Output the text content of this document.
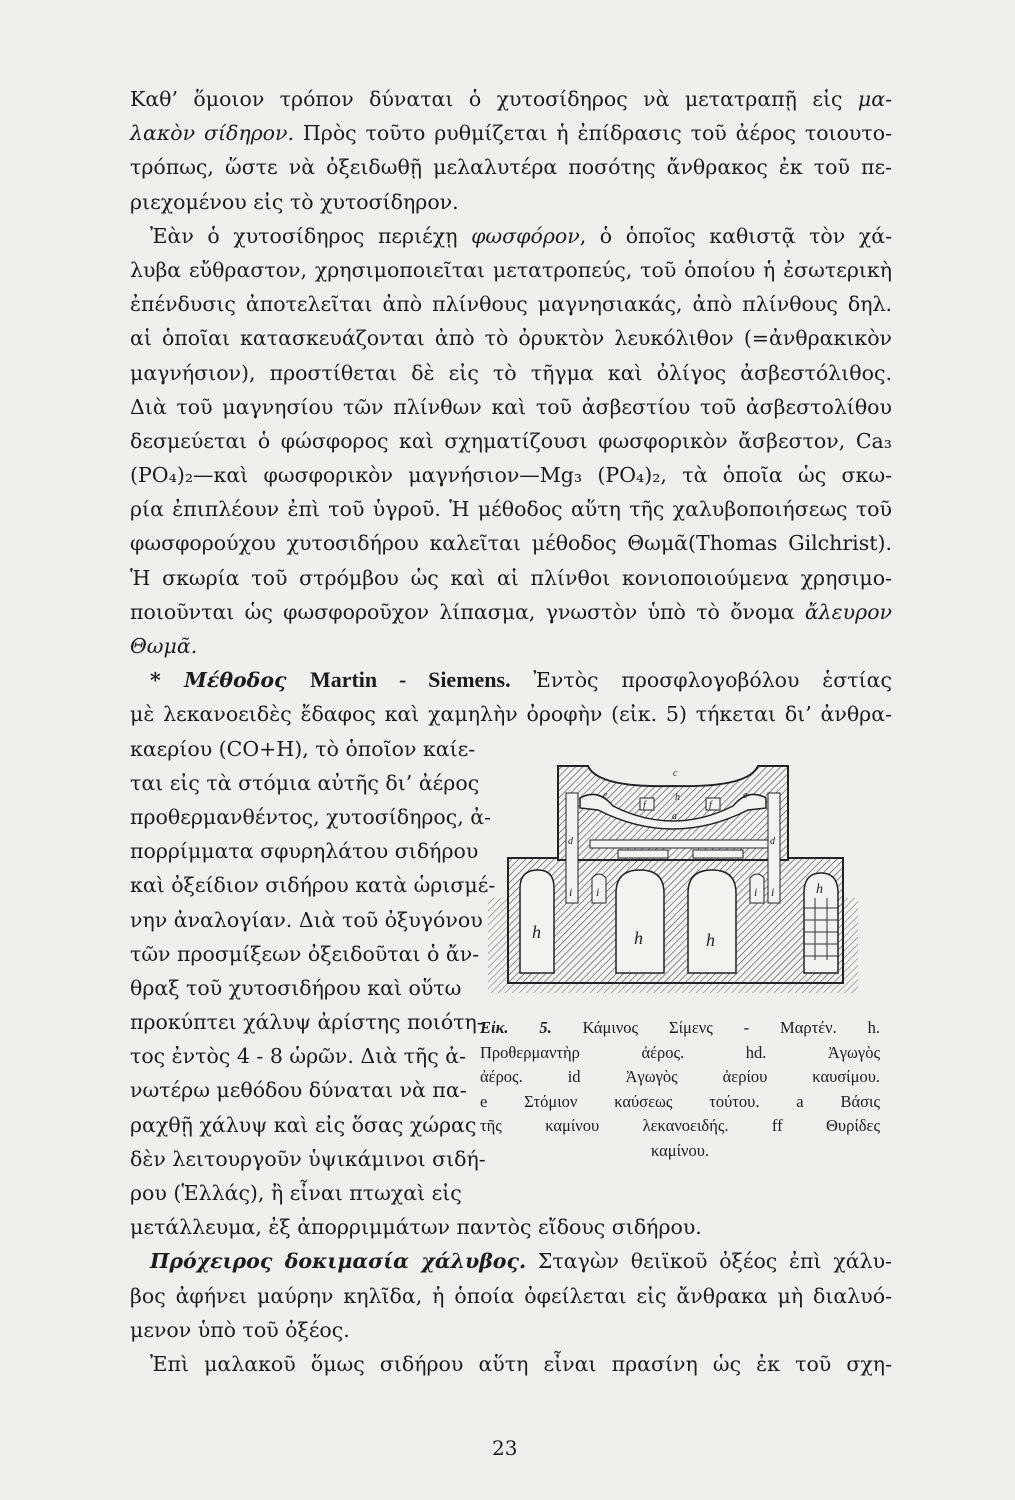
Καθ’ ὅμοιον τρόπον δύναται ὁ χυτοσίδηρος νὰ μετατραπῇ εἰς μα-
λακὸν σίδηρον. Πρὸς τοῦτο ρυθμίζεται ἡ ἐπίδρασις τοῦ ἀέρος τοιουτο-
τρόπως, ὥστε νὰ ὀξειδωθῇ μελαλυτέρα ποσότης ἄνθρακος ἐκ τοῦ πε-
ριεχομένου εἰς τὸ χυτοσίδηρον.
Ἐὰν ὁ χυτοσίδηρος περιέχῃ φωσφόρον, ὁ ὁποῖος καθιστᾷ τὸν χά-
λυβα εὔθραστον, χρησιμοποιεῖται μετατροπεύς, τοῦ ὁποίου ἡ ἐσωτερικὴ
ἐπένδυσις ἀποτελεῖται ἀπὸ πλίνθους μαγνησιακάς, ἀπὸ πλίνθους δηλ.
αἱ ὁποῖαι κατασκευάζονται ἀπὸ τὸ ὀρυκτὸν λευκόλιθον (=ἀνθρακικὸν
μαγνήσιον), προστίθεται δὲ εἰς τὸ τῆγμα καὶ ὀλίγος ἀσβεστόλιθος.
Διὰ τοῦ μαγνησίου τῶν πλίνθων καὶ τοῦ ἀσβεστίου τοῦ ἀσβεστολίθου
δεσμεύεται ὁ φώσφορος καὶ σχηματίζουσι φωσφορικὸν ἄσβεστον, Ca₃
(PO₄)₂—καὶ φωσφορικὸν μαγνήσιον—Mg₃ (PO₄)₂, τὰ ὁποῖα ὡς σκω-
ρία ἐπιπλέουν ἐπὶ τοῦ ὑγροῦ. Ἡ μέθοδος αὕτη τῆς χαλυβοποιήσεως τοῦ
φωσφορούχου χυτοσιδήρου καλεῖται μέθοδος Θωμᾶ(Thomas Gilchrist).
Ἡ σκωρία τοῦ στρόμβου ὡς καὶ αἱ πλίνθοι κονιοποιούμενα χρησιμο-
ποιοῦνται ὡς φωσφοροῦχον λίπασμα, γνωστὸν ὑπὸ τὸ ὄνομα ἄλευρον
Θωμᾶ.
* Μέθοδος Martin - Siemens. Ἐντὸς προσφλογοβόλου ἑστίας
μὲ λεκανοειδὲς ἔδαφος καὶ χαμηλὴν ὀροφὴν (εἰκ. 5) τήκεται δι’ ἀνθρα-
καερίου (CO+H), τὸ ὁποῖον καίε-
ται εἰς τὰ στόμια αὐτῆς δι’ ἀέρος
προθερμανθέντος, χυτοσίδηρος, ἀ-
πορρίμματα σφυρηλάτου σιδήρου
καὶ ὀξείδιον σιδήρου κατὰ ὡρισμέ-
νην ἀναλογίαν. Διὰ τοῦ ὀξυγόνου
τῶν προσμίξεων ὀξειδοῦται ὁ ἄν-
θραξ τοῦ χυτοσιδήρου καὶ οὕτω
προκύπτει χάλυψ ἀρίστης ποιότη-
τος ἐντὸς 4 - 8 ὡρῶν. Διὰ τῆς ἀ-
νωτέρω μεθόδου δύναται νὰ πα-
ραχθῇ χάλυψ καὶ εἰς ὅσας χώρας
δὲν λειτουργοῦν ὑψικάμινοι σιδή-
ρου (Ἑλλάς), ἢ εἶναι πτωχαὶ εἰς
μετάλλευμα, ἐξ ἀπορριμμάτων παντὸς εἴδους σιδήρου.
Πρόχειρος δοκιμασία χάλυβος. Σταγὼν θειϊκοῦ ὀξέος ἐπὶ χάλυ-
βος ἀφήνει μαύρην κηλῖδα, ἡ ὁποία ὀφείλεται εἰς ἄνθρακα μὴ διαλυό-
μενον ὑπὸ τοῦ ὀξέος.
Ἐπὶ μαλακοῦ ὅμως σιδήρου αὕτη εἶναι πρασίνη ὡς ἐκ τοῦ σχη-
c
e
f
h
f
e
a
d	d
i i	i i
h	h	h
h
Εἰκ. 5. Κάμινος Σίμενς - Μαρτέν. h.
Προθερμαντὴρ ἀέρος. hd. Ἀγωγὸς
ἀέρος. id Ἀγωγὸς ἀερίου καυσίμου.
e Στόμιον καύσεως τούτου. a Βάσις
τῆς καμίνου λεκανοειδής. ff Θυρίδες
καμίνου.
23
